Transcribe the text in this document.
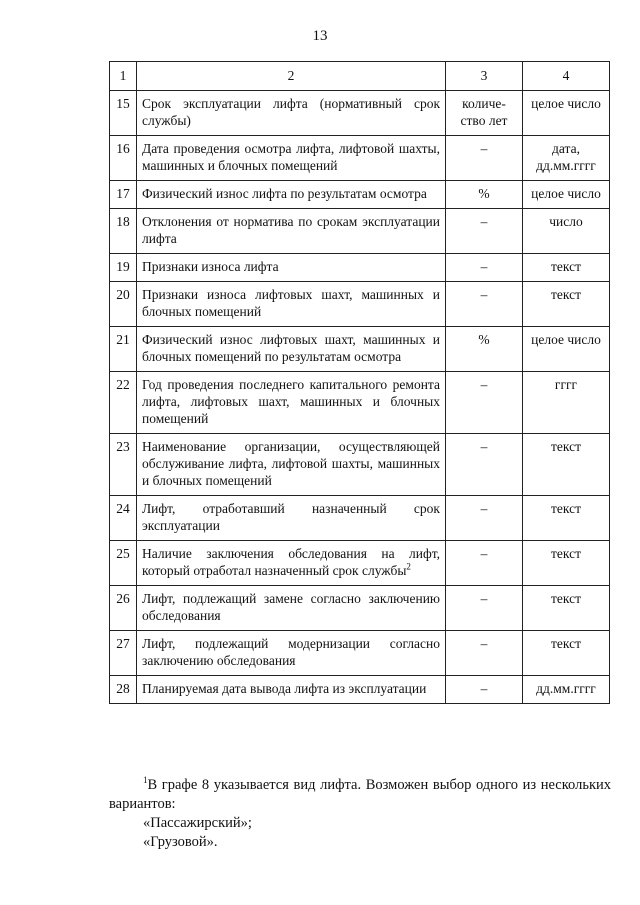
13
1	2	3	4
15	Срок эксплуатации лифта (нормативный срок службы)	количе-ство лет	целое число
16	Дата проведения осмотра лифта, лифтовой шахты, машинных и блочных помещений	–	дата, дд.мм.гггг
17	Физический износ лифта по результатам осмотра	%	целое число
18	Отклонения от норматива по срокам эксплуатации лифта	–	число
19	Признаки износа лифта	–	текст
20	Признаки износа лифтовых шахт, машинных и блочных помещений	–	текст
21	Физический износ лифтовых шахт, машинных и блочных помещений по результатам осмотра	%	целое число
22	Год проведения последнего капитального ремонта лифта, лифтовых шахт, машинных и блочных помещений	–	гггг
23	Наименование организации, осуществляющей обслуживание лифта, лифтовой шахты, машинных и блочных помещений	–	текст
24	Лифт, отработавший назначенный срок эксплуатации	–	текст
25	Наличие заключения обследования на лифт, который отработал назначенный срок службы$^2$	–	текст
26	Лифт, подлежащий замене согласно заключению обследования	–	текст
27	Лифт, подлежащий модернизации согласно заключению обследования	–	текст
28	Планируемая дата вывода лифта из эксплуатации	–	дд.мм.гггг

$^1$В графе 8 указывается вид лифта. Возможен выбор одного из нескольких вариантов:

«Пассажирский»;

«Грузовой».
